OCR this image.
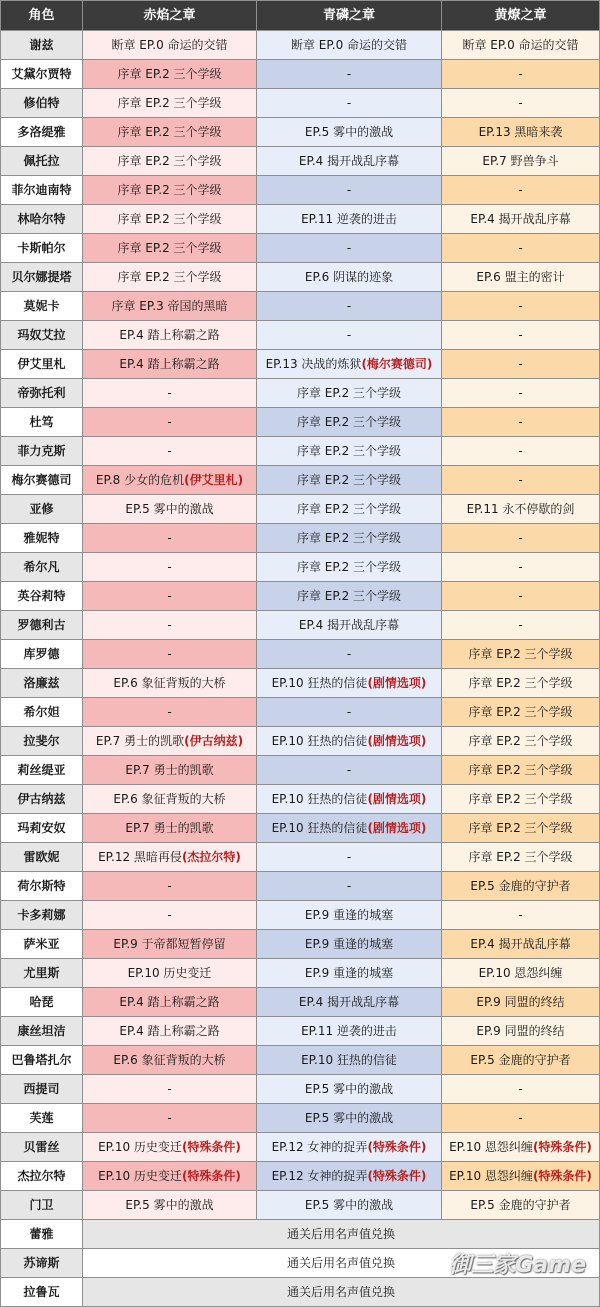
角色	赤焰之章	青磷之章	黄燎之章
谢兹	断章 EP.0 命运的交错	断章 EP.0 命运的交错	断章 EP.0 命运的交错
艾黛尔贾特	序章 EP.2 三个学级	-	-
修伯特	序章 EP.2 三个学级	-	-
多洛缇雅	序章 EP.2 三个学级	EP.5 雾中的激战	EP.13 黑暗来袭
佩托拉	序章 EP.2 三个学级	EP.4 揭开战乱序幕	EP.7 野兽争斗
菲尔迪南特	序章 EP.2 三个学级	-	-
林哈尔特	序章 EP.2 三个学级	EP.11 逆袭的进击	EP.4 揭开战乱序幕
卡斯帕尔	序章 EP.2 三个学级	-	-
贝尔娜提塔	序章 EP.2 三个学级	EP.6 阴谋的迹象	EP.6 盟主的密计
莫妮卡	序章 EP.3 帝国的黑暗	-	-
玛奴艾拉	EP.4 踏上称霸之路	-	-
伊艾里札	EP.4 踏上称霸之路	EP.13 决战的炼狱(梅尔赛德司)	-
帝弥托利	-	序章 EP.2 三个学级	-
杜笃	-	序章 EP.2 三个学级	-
菲力克斯	-	序章 EP.2 三个学级	-
梅尔赛德司	EP.8 少女的危机(伊艾里札)	序章 EP.2 三个学级	-
亚修	EP.5 雾中的激战	序章 EP.2 三个学级	EP.11 永不停歇的剑
雅妮特	-	序章 EP.2 三个学级	-
希尔凡	-	序章 EP.2 三个学级	-
英谷莉特	-	序章 EP.2 三个学级	-
罗德利古	-	EP.4 揭开战乱序幕	-
库罗德	-	-	序章 EP.2 三个学级
洛廉兹	EP.6 象征背叛的大桥	EP.10 狂热的信徒(剧情选项)	序章 EP.2 三个学级
希尔妲	-	-	序章 EP.2 三个学级
拉斐尔	EP.7 勇士的凯歌(伊古纳兹)	EP.10 狂热的信徒(剧情选项)	序章 EP.2 三个学级
莉丝缇亚	EP.7 勇士的凯歌	-	序章 EP.2 三个学级
伊古纳兹	EP.6 象征背叛的大桥	EP.10 狂热的信徒(剧情选项)	序章 EP.2 三个学级
玛莉安奴	EP.7 勇士的凯歌	EP.10 狂热的信徒(剧情选项)	序章 EP.2 三个学级
雷欧妮	EP.12 黑暗再侵(杰拉尔特)	-	序章 EP.2 三个学级
荷尔斯特	-	-	EP.5 金鹿的守护者
卡多莉娜	-	EP.9 重逢的城塞	-
萨米亚	EP.9 于帝都短暂停留	EP.9 重逢的城塞	EP.4 揭开战乱序幕
尤里斯	EP.10 历史变迁	EP.9 重逢的城塞	EP.10 恩怨纠缠
哈琵	EP.4 踏上称霸之路	EP.4 揭开战乱序幕	EP.9 同盟的终结
康丝坦洁	EP.4 踏上称霸之路	EP.11 逆袭的进击	EP.9 同盟的终结
巴鲁塔扎尔	EP.6 象征背叛的大桥	EP.10 狂热的信徒	EP.5 金鹿的守护者
西提司	-	EP.5 雾中的激战	-
芙莲	-	EP.5 雾中的激战	-
贝雷丝	EP.10 历史变迁(特殊条件)	EP.12 女神的捉弄(特殊条件)	EP.10 恩怨纠缠(特殊条件)
杰拉尔特	EP.10 历史变迁(特殊条件)	EP.12 女神的捉弄(特殊条件)	EP.10 恩怨纠缠(特殊条件)
门卫	EP.5 雾中的激战	EP.5 雾中的激战	EP.5 金鹿的守护者
蕾雅	通关后用名声值兑换		
苏谛斯	通关后用名声值兑换		
拉鲁瓦	通关后用名声值兑换		
御三家Game
